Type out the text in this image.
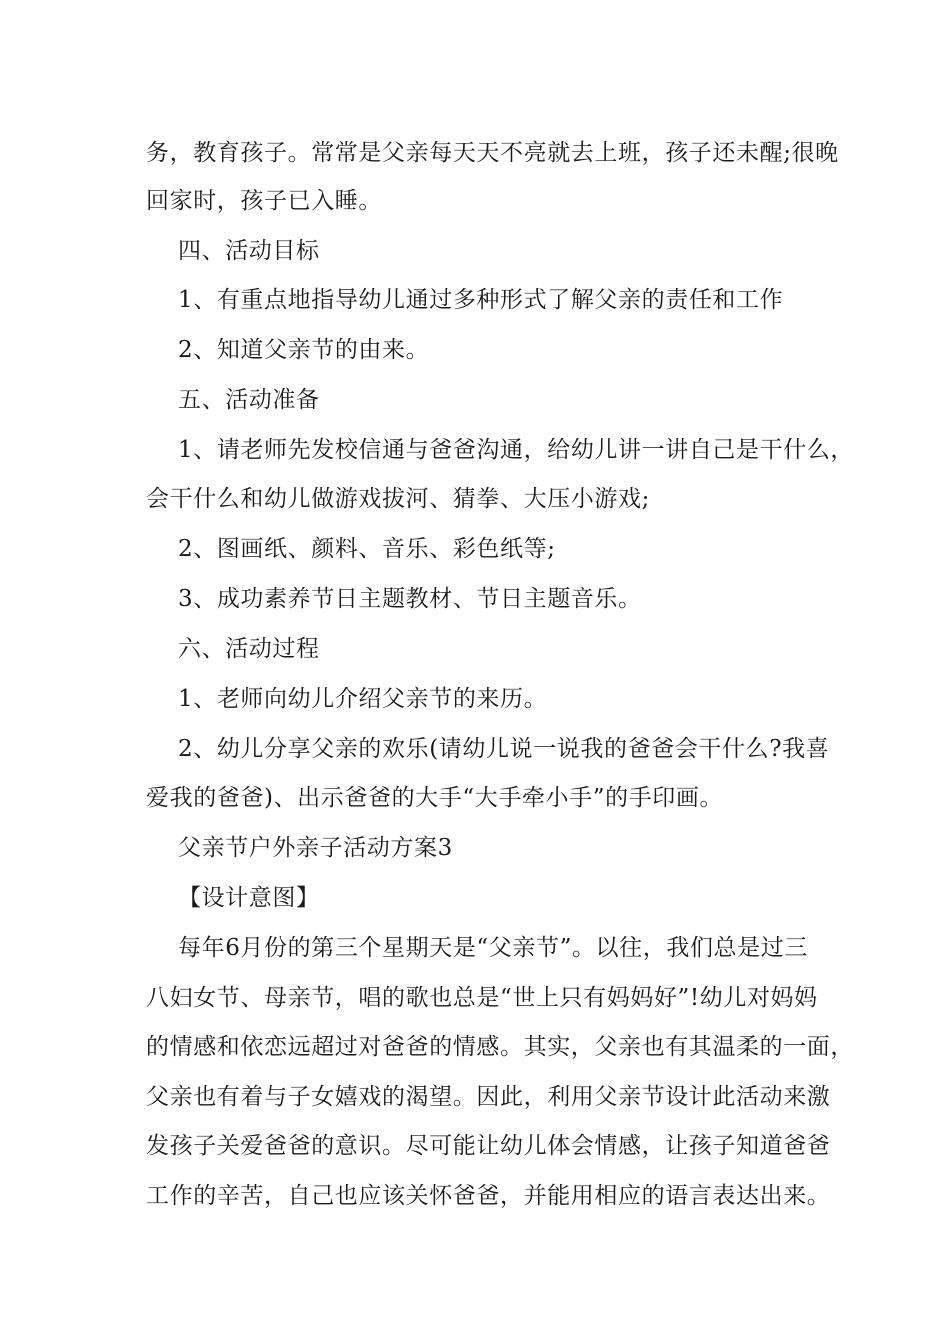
务，教育孩子。常常是父亲每天天不亮就去上班，孩子还未醒;很晚
回家时，孩子已入睡。
四、活动目标
1、有重点地指导幼儿通过多种形式了解父亲的责任和工作
2、知道父亲节的由来。
五、活动准备
1、请老师先发校信通与爸爸沟通，给幼儿讲一讲自己是干什么，
会干什么和幼儿做游戏拔河、猜拳、大压小游戏;
2、图画纸、颜料、音乐、彩色纸等;
3、成功素养节日主题教材、节日主题音乐。
六、活动过程
1、老师向幼儿介绍父亲节的来历。
2、幼儿分享父亲的欢乐(请幼儿说一说我的爸爸会干什么?我喜
爱我的爸爸)、出示爸爸的大手“大手牵小手”的手印画。
父亲节户外亲子活动方案3
【设计意图】
每年6月份的第三个星期天是“父亲节”。以往，我们总是过三
八妇女节、母亲节，唱的歌也总是“世上只有妈妈好”!幼儿对妈妈
的情感和依恋远超过对爸爸的情感。其实，父亲也有其温柔的一面，
父亲也有着与子女嬉戏的渴望。因此，利用父亲节设计此活动来激
发孩子关爱爸爸的意识。尽可能让幼儿体会情感，让孩子知道爸爸
工作的辛苦，自己也应该关怀爸爸，并能用相应的语言表达出来。
